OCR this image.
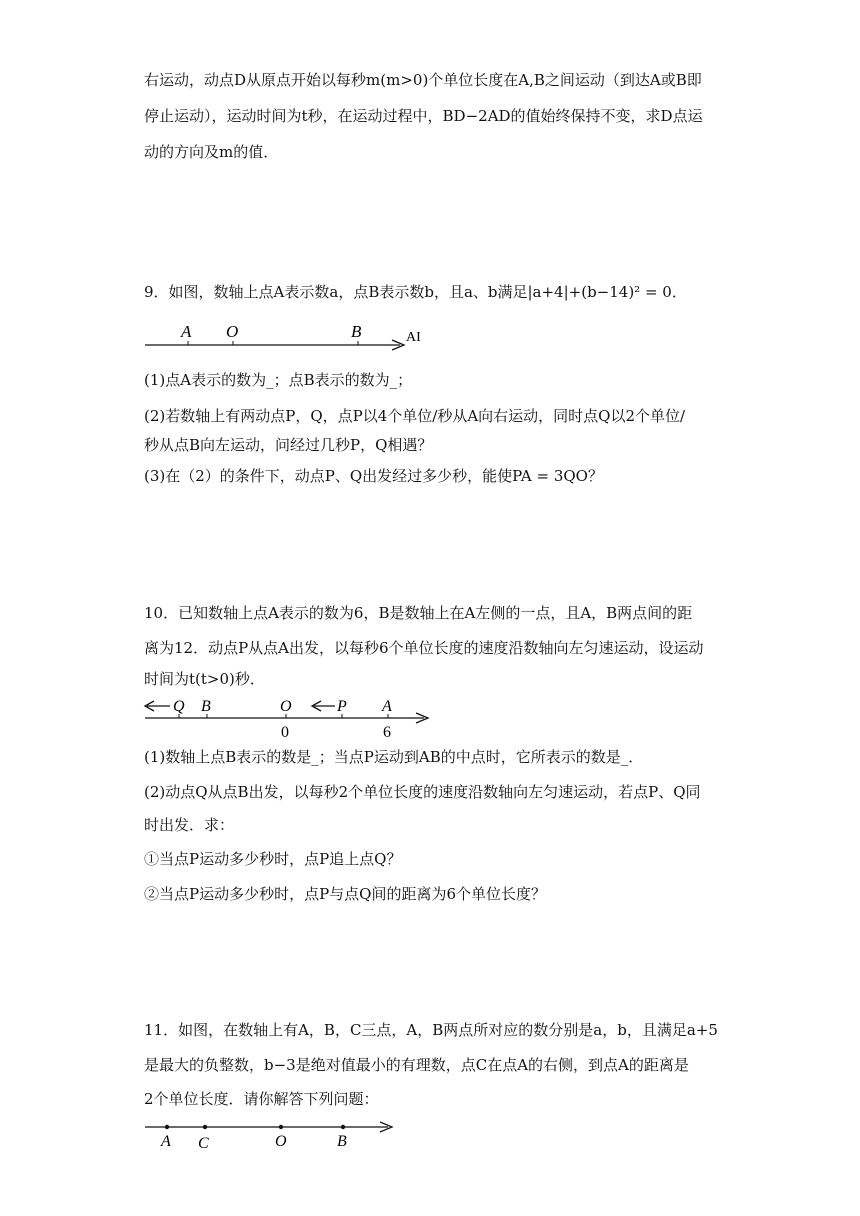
右运动，动点D从原点开始以每秒m(m>0)个单位长度在A,B之间运动（到达A或B即
停止运动），运动时间为t秒，在运动过程中，BD−2AD的值始终保持不变，求D点运
动的方向及m的值．
9．如图，数轴上点A表示数a，点B表示数b，且a、b满足|a+4|+(b−14)² = 0．
A O	B	AI
(1)点A表示的数为_；点B表示的数为_；
(2)若数轴上有两动点P，Q，点P以4个单位/秒从A向右运动，同时点Q以2个单位/
秒从点B向左运动，问经过几秒P，Q相遇？
(3)在（2）的条件下，动点P、Q出发经过多少秒，能使PA = 3QO？
10．已知数轴上点A表示的数为6，B是数轴上在A左侧的一点，且A，B两点间的距
离为12．动点P从点A出发，以每秒6个单位长度的速度沿数轴向左匀速运动，设运动
时间为t(t>0)秒．
Q B	O	P A
0	6
(1)数轴上点B表示的数是_；当点P运动到AB的中点时，它所表示的数是_．
(2)动点Q从点B出发，以每秒2个单位长度的速度沿数轴向左匀速运动，若点P、Q同
时出发．求：
①当点P运动多少秒时，点P追上点Q？
②当点P运动多少秒时，点P与点Q间的距离为6个单位长度？
11．如图，在数轴上有A，B，C三点，A，B两点所对应的数分别是a，b，且满足a+5
是最大的负整数，b−3是绝对值最小的有理数，点C在点A的右侧，到点A的距离是
2个单位长度．请你解答下列问题：
A C	O	B
